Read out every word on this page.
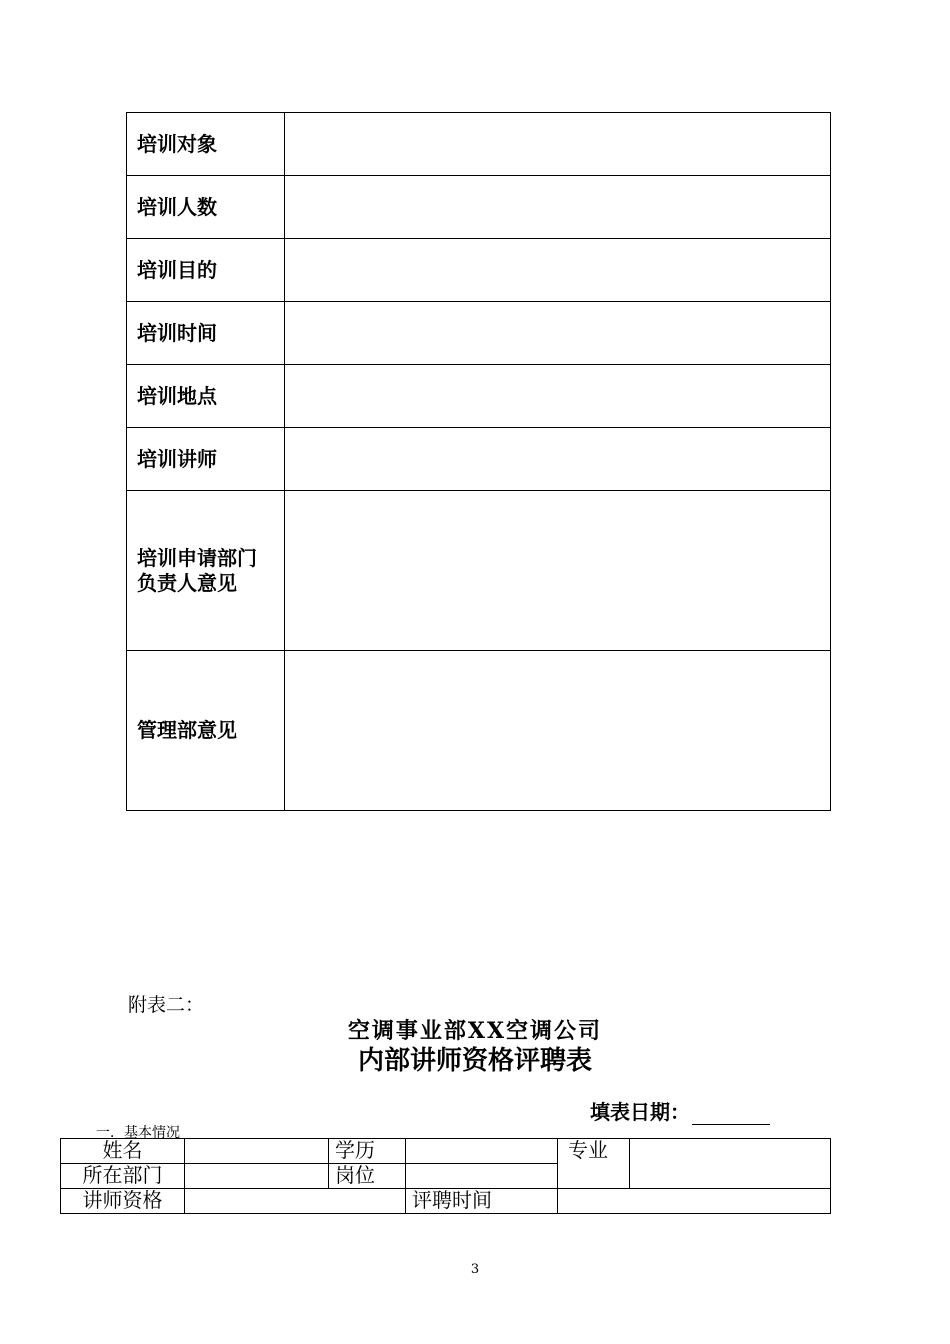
培训对象	
培训人数	
培训目的	
培训时间	
培训地点	
培训讲师	

培训申请部门
负责人意见	

管理部意见	
附表二：
空调事业部XX空调公司
内部讲师资格评聘表
填表日期：
一．基本情况
姓名		学历		专业	
所在部门		岗位			
讲师资格			评聘时间		
3
